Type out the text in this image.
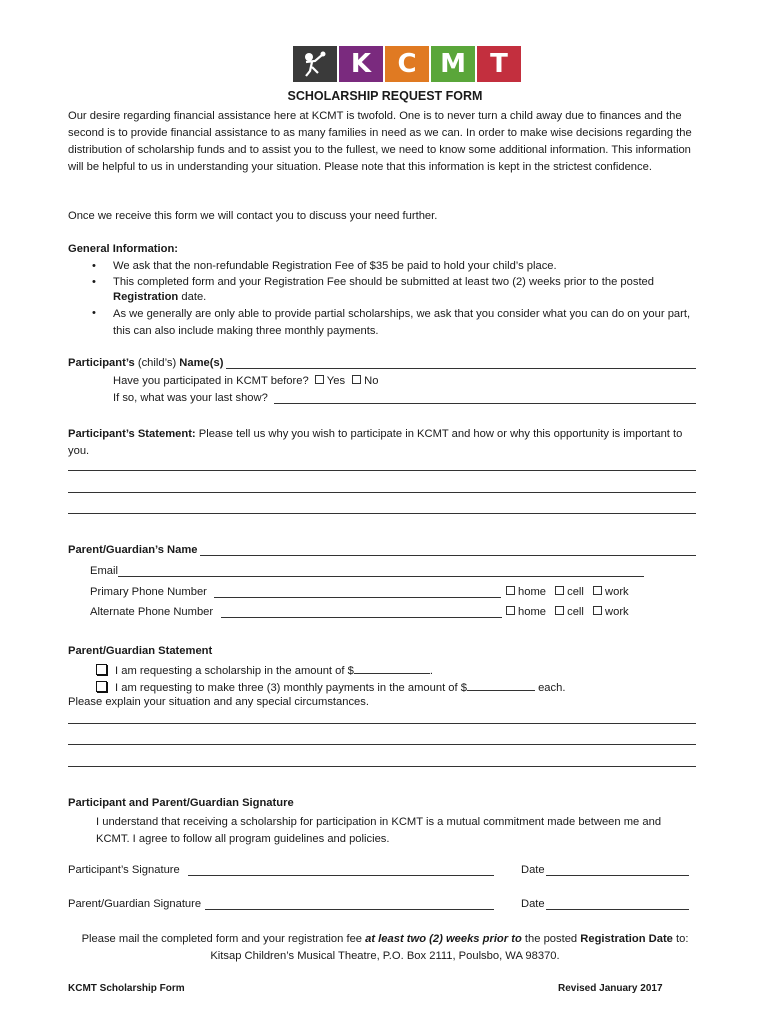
K	C M T
SCHOLARSHIP REQUEST FORM

Our desire regarding financial assistance here at KCMT is twofold. One is to never turn a child away due to finances and the second is to provide financial assistance to as many families in need as we can. In order to make wise decisions regarding the distribution of scholarship funds and to assist you to the fullest, we need to know some additional information. This information will be helpful to us in understanding your situation. Please note that this information is kept in the strictest confidence.

Once we receive this form we will contact you to discuss your need further.
General Information:
• We ask that the non-refundable Registration Fee of $35 be paid to hold your child’s place.
• This completed form and your Registration Fee should be submitted at least two (2) weeks prior to the posted
Registration date.
• As we generally are only able to provide partial scholarships, we ask that you consider what you can do on your part, this can also include making three monthly payments.

Participant’s (child’s) Name(s)
Have you participated in KCMT before? Yes No
If so, what was your last show?

Participant’s Statement: Please tell us why you wish to participate in KCMT and how or why this opportunity is important to you.

Parent/Guardian’s Name
Email
Primary Phone Number	home cell work
Alternate Phone Number	home cell work
Parent/Guardian Statement
I am requesting a scholarship in the amount of $	.
I am requesting to make three (3) monthly payments in the amount of $	each.
Please explain your situation and any special circumstances.
Participant and Parent/Guardian Signature

I understand that receiving a scholarship for participation in KCMT is a mutual commitment made between me and KCMT. I agree to follow all program guidelines and policies.

Participant’s Signature	Date
Parent/Guardian Signature	Date
Please mail the completed form and your registration fee at least two (2) weeks prior to the posted Registration Date to:
Kitsap Children’s Musical Theatre, P.O. Box 2111, Poulsbo, WA 98370.
KCMT Scholarship Form	Revised January 2017
